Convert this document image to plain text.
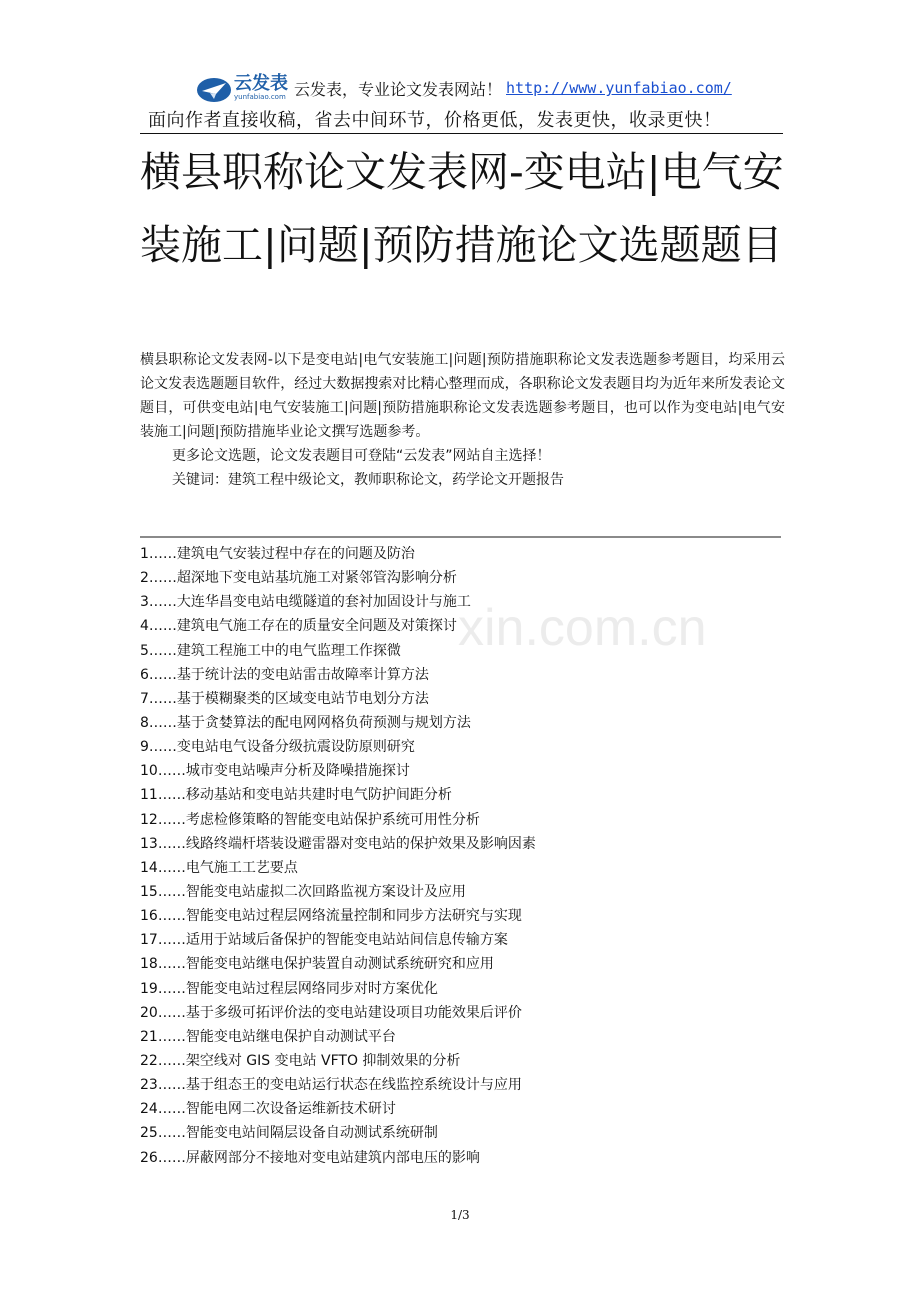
云发表
yunfabiao.com 云发表，专业论文发表网站！ http://www.yunfabiao.com/
面向作者直接收稿，省去中间环节，价格更低，发表更快，收录更快！
横县职称论文发表网-变电站|电气安装施工|问题|预防措施论文选题题目

横县职称论文发表网-以下是变电站|电气安装施工|问题|预防措施职称论文发表选题参考题目，均采用云论文发表选题题目软件，经过大数据搜索对比精心整理而成，各职称论文发表题目均为近年来所发表论文题目，可供变电站|电气安装施工|问题|预防措施职称论文发表选题参考题目，也可以作为变电站|电气安装施工|问题|预防措施毕业论文撰写选题参考。

更多论文选题，论文发表题目可登陆“云发表”网站自主选择！

关键词：建筑工程中级论文，教师职称论文，药学论文开题报告

xin.com.cn
1……建筑电气安装过程中存在的问题及防治
2……超深地下变电站基坑施工对紧邻管沟影响分析
3……大连华昌变电站电缆隧道的套衬加固设计与施工
4……建筑电气施工存在的质量安全问题及对策探讨
5……建筑工程施工中的电气监理工作探微
6……基于统计法的变电站雷击故障率计算方法
7……基于模糊聚类的区域变电站节电划分方法
8……基于贪婪算法的配电网网格负荷预测与规划方法
9……变电站电气设备分级抗震设防原则研究
10……城市变电站噪声分析及降噪措施探讨
11……移动基站和变电站共建时电气防护间距分析
12……考虑检修策略的智能变电站保护系统可用性分析
13……线路终端杆塔装设避雷器对变电站的保护效果及影响因素
14……电气施工工艺要点
15……智能变电站虚拟二次回路监视方案设计及应用
16……智能变电站过程层网络流量控制和同步方法研究与实现
17……适用于站域后备保护的智能变电站站间信息传输方案
18……智能变电站继电保护装置自动测试系统研究和应用
19……智能变电站过程层网络同步对时方案优化
20……基于多级可拓评价法的变电站建设项目功能效果后评价
21……智能变电站继电保护自动测试平台
22……架空线对 GIS 变电站 VFTO 抑制效果的分析
23……基于组态王的变电站运行状态在线监控系统设计与应用
24……智能电网二次设备运维新技术研讨
25……智能变电站间隔层设备自动测试系统研制
26……屏蔽网部分不接地对变电站建筑内部电压的影响
1/3
